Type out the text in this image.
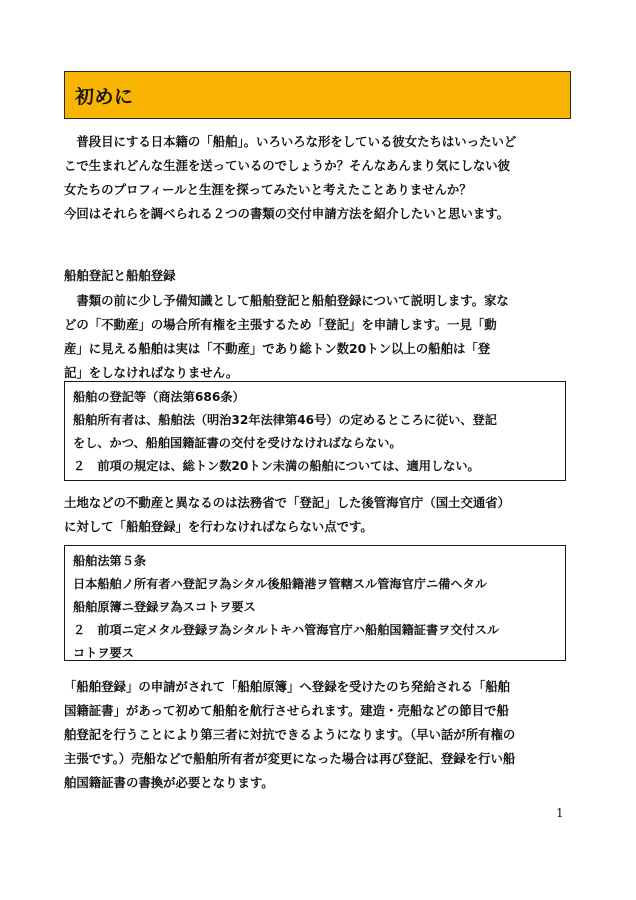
初めに
　普段目にする日本籍の「船舶」。いろいろな形をしている彼女たちはいったいど
こで生まれどんな生涯を送っているのでしょうか？そんなあんまり気にしない彼
女たちのプロフィールと生涯を探ってみたいと考えたことありませんか？
今回はそれらを調べられる２つの書類の交付申請方法を紹介したいと思います。
船舶登記と船舶登録
　書類の前に少し予備知識として船舶登記と船舶登録について説明します。家な
どの「不動産」の場合所有権を主張するため「登記」を申請します。一見「動
産」に見える船舶は実は「不動産」であり総トン数20トン以上の船舶は「登
記」をしなければなりません。
船舶の登記等（商法第686条）
船舶所有者は、船舶法（明治32年法律第46号）の定めるところに従い、登記
をし、かつ、船舶国籍証書の交付を受けなければならない。
２　前項の規定は、総トン数20トン未満の船舶については、適用しない。
土地などの不動産と異なるのは法務省で「登記」した後管海官庁（国土交通省）
に対して「船舶登録」を行わなければならない点です。
船舶法第５条
日本船舶ノ所有者ハ登記ヲ為シタル後船籍港ヲ管轄スル管海官庁ニ備ヘタル
船舶原簿ニ登録ヲ為スコトヲ要ス
２　前項ニ定メタル登録ヲ為シタルトキハ管海官庁ハ船舶国籍証書ヲ交付スル
コトヲ要ス
「船舶登録」の申請がされて「船舶原簿」へ登録を受けたのち発給される「船舶
国籍証書」があって初めて船舶を航行させられます。建造・売船などの節目で船
舶登記を行うことにより第三者に対抗できるようになります。（早い話が所有権の
主張です。）売船などで船舶所有者が変更になった場合は再び登記、登録を行い船
舶国籍証書の書換が必要となります。
1
